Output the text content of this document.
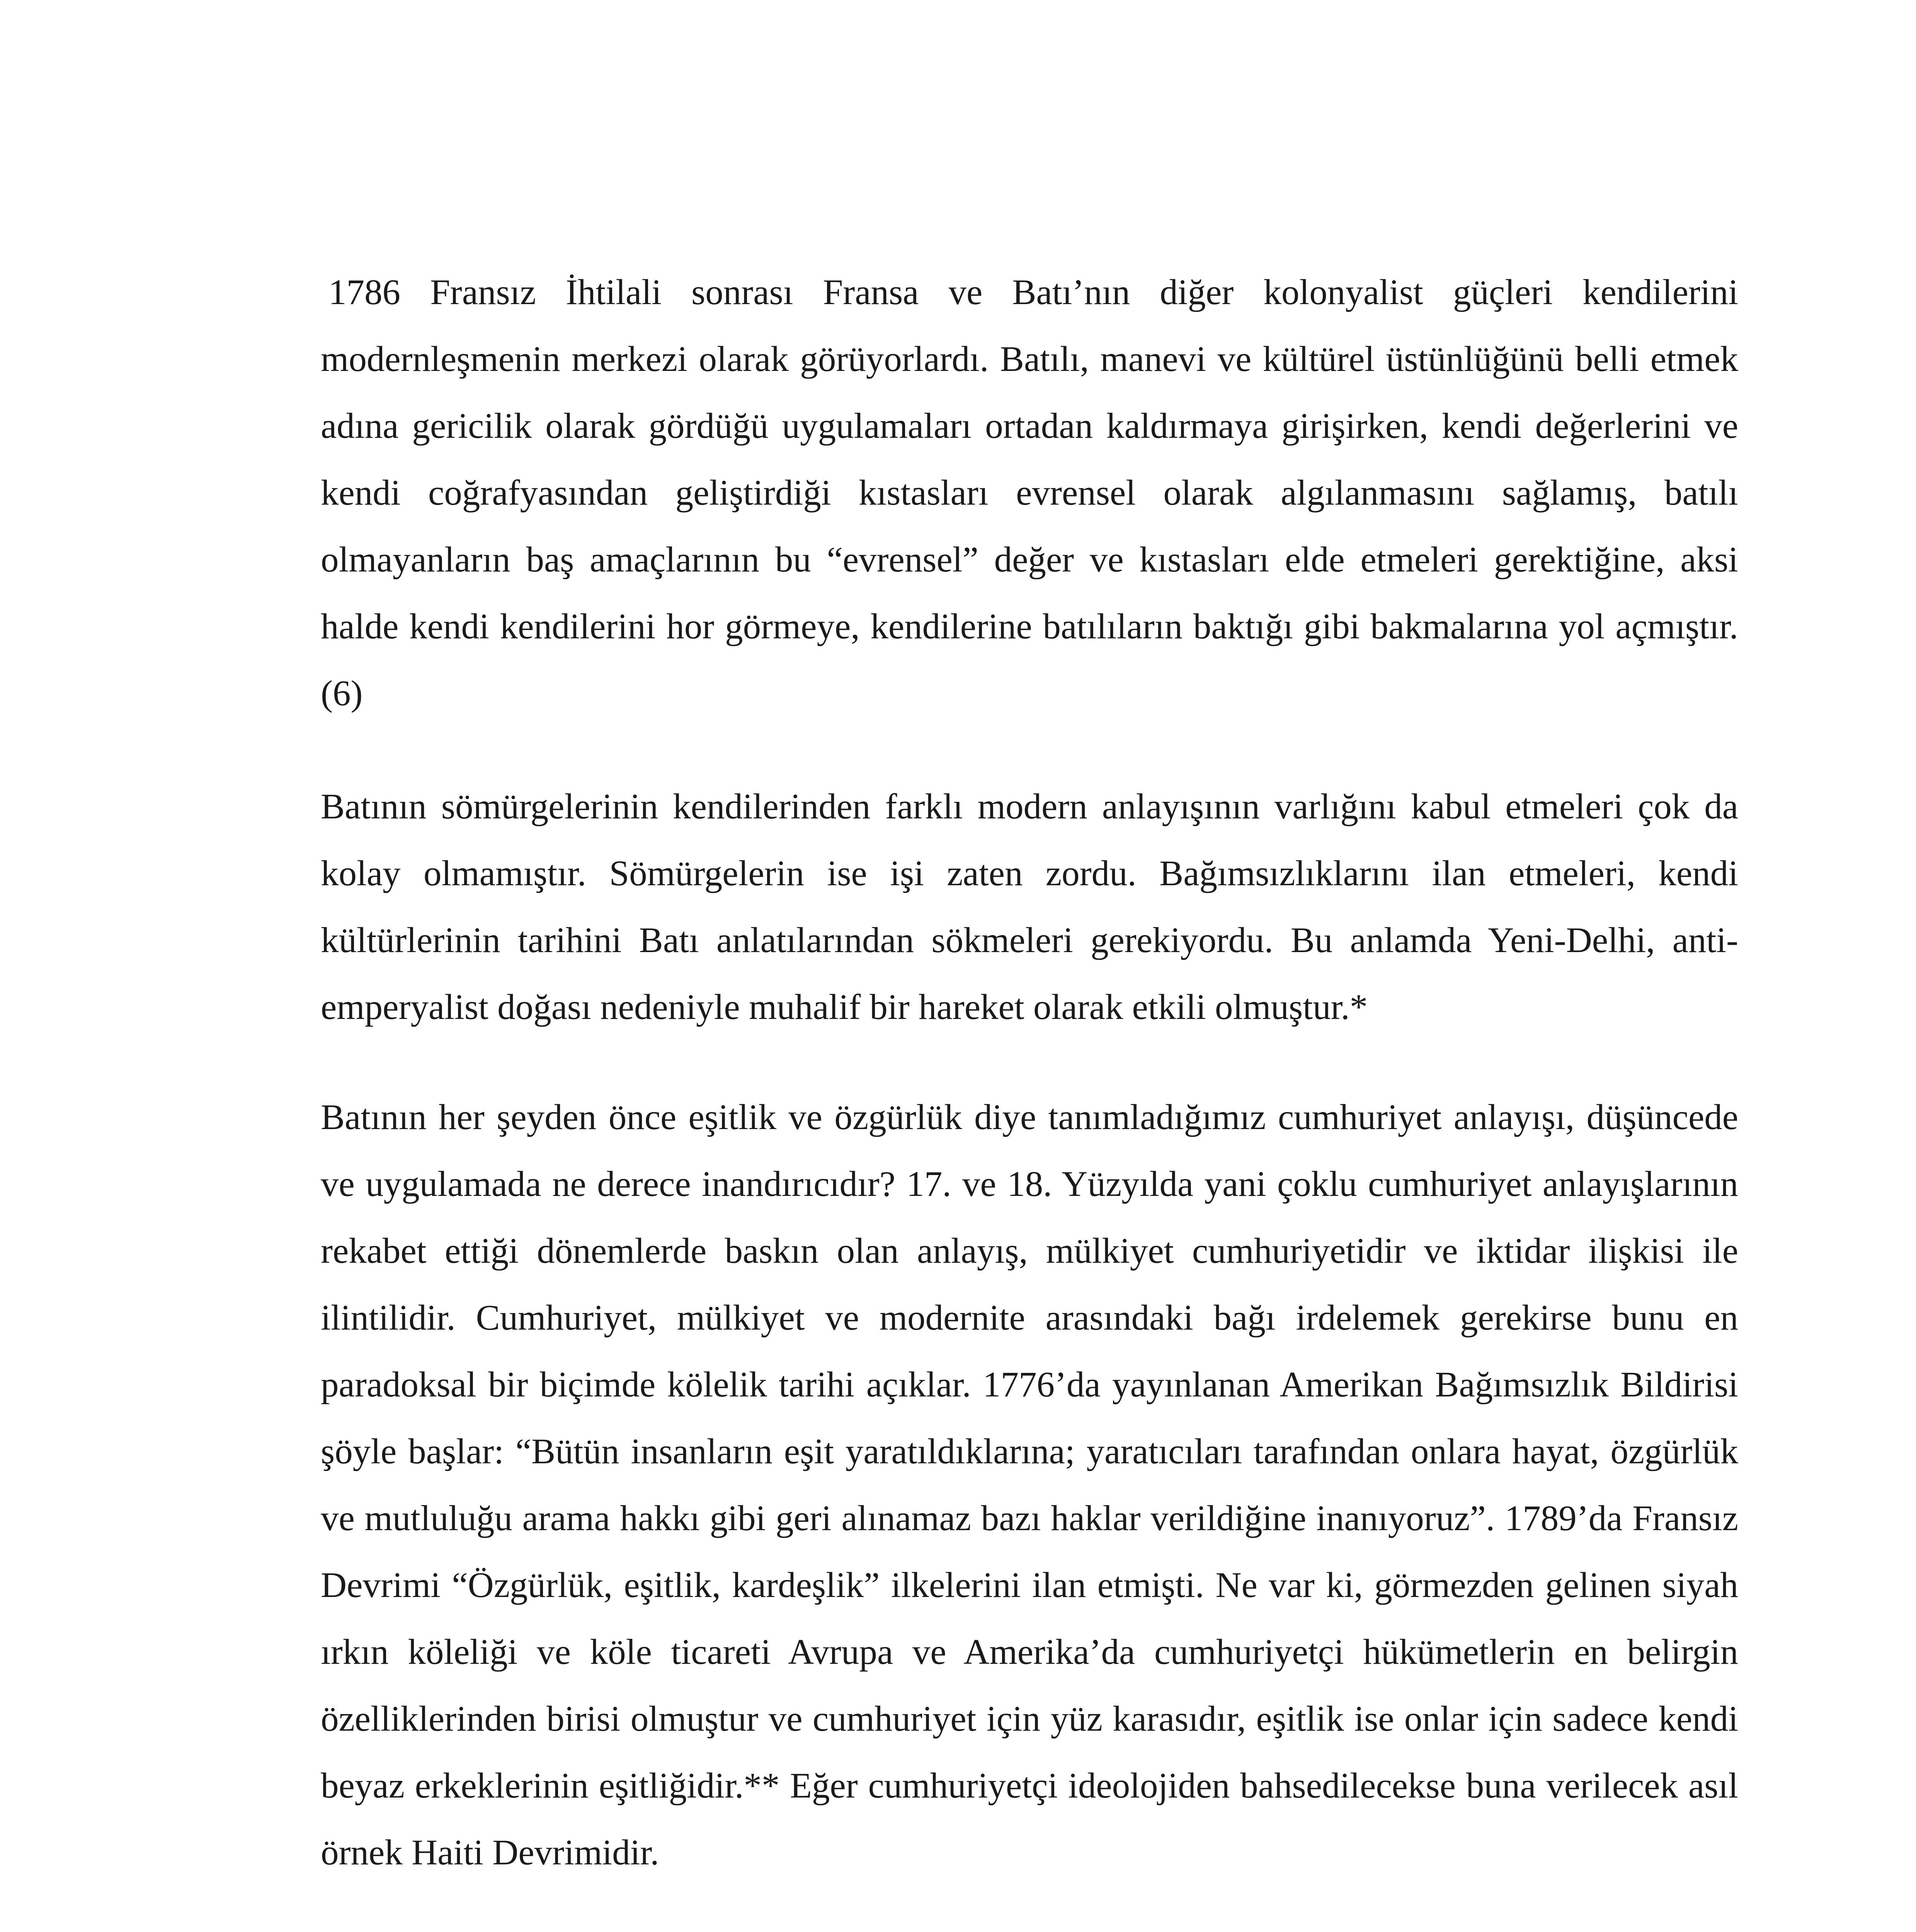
1786 Fransız İhtilali sonrası Fransa ve Batı’nın diğer kolonyalist güçleri kendilerini modernleşmenin merkezi olarak görüyorlardı. Batılı, manevi ve kültürel üstünlüğünü belli etmek adına gericilik olarak gördüğü uygulamaları ortadan kaldırmaya girişirken, kendi değerlerini ve kendi coğrafyasından geliştirdiği kıstasları evrensel olarak algılanmasını sağlamış, batılı olmayanların baş amaçlarının bu “evrensel” değer ve kıstasları elde etmeleri gerektiğine, aksi halde kendi kendilerini hor görmeye, kendilerine batılıların baktığı gibi bakmalarına yol açmıştır. (6)

Batının sömürgelerinin kendilerinden farklı modern anlayışının varlığını kabul etmeleri çok da kolay olmamıştır. Sömürgelerin ise işi zaten zordu. Bağımsızlıklarını ilan etmeleri, kendi kültürlerinin tarihini Batı anlatılarından sökmeleri gerekiyordu. Bu anlamda Yeni-Delhi, anti-emperyalist doğası nedeniyle muhalif bir hareket olarak etkili olmuştur.*

Batının her şeyden önce eşitlik ve özgürlük diye tanımladığımız cumhuriyet anlayışı, düşüncede ve uygulamada ne derece inandırıcıdır? 17. ve 18. Yüzyılda yani çoklu cumhuriyet anlayışlarının rekabet ettiği dönemlerde baskın olan anlayış, mülkiyet cumhuriyetidir ve iktidar ilişkisi ile ilintilidir. Cumhuriyet, mülkiyet ve modernite arasındaki bağı irdelemek gerekirse bunu en paradoksal bir biçimde kölelik tarihi açıklar. 1776’da yayınlanan Amerikan Bağımsızlık Bildirisi şöyle başlar: “Bütün insanların eşit yaratıldıklarına; yaratıcıları tarafından onlara hayat, özgürlük ve mutluluğu arama hakkı gibi geri alınamaz bazı haklar verildiğine inanıyoruz”. 1789’da Fransız Devrimi “Özgürlük, eşitlik, kardeşlik” ilkelerini ilan etmişti. Ne var ki, görmezden gelinen siyah ırkın köleliği ve köle ticareti Avrupa ve Amerika’da cumhuriyetçi hükümetlerin en belirgin özelliklerinden birisi olmuştur ve cumhuriyet için yüz karasıdır, eşitlik ise onlar için sadece kendi beyaz erkeklerinin eşitliğidir.** Eğer cumhuriyetçi ideolojiden bahsedilecekse buna verilecek asıl örnek Haiti Devrimidir.
